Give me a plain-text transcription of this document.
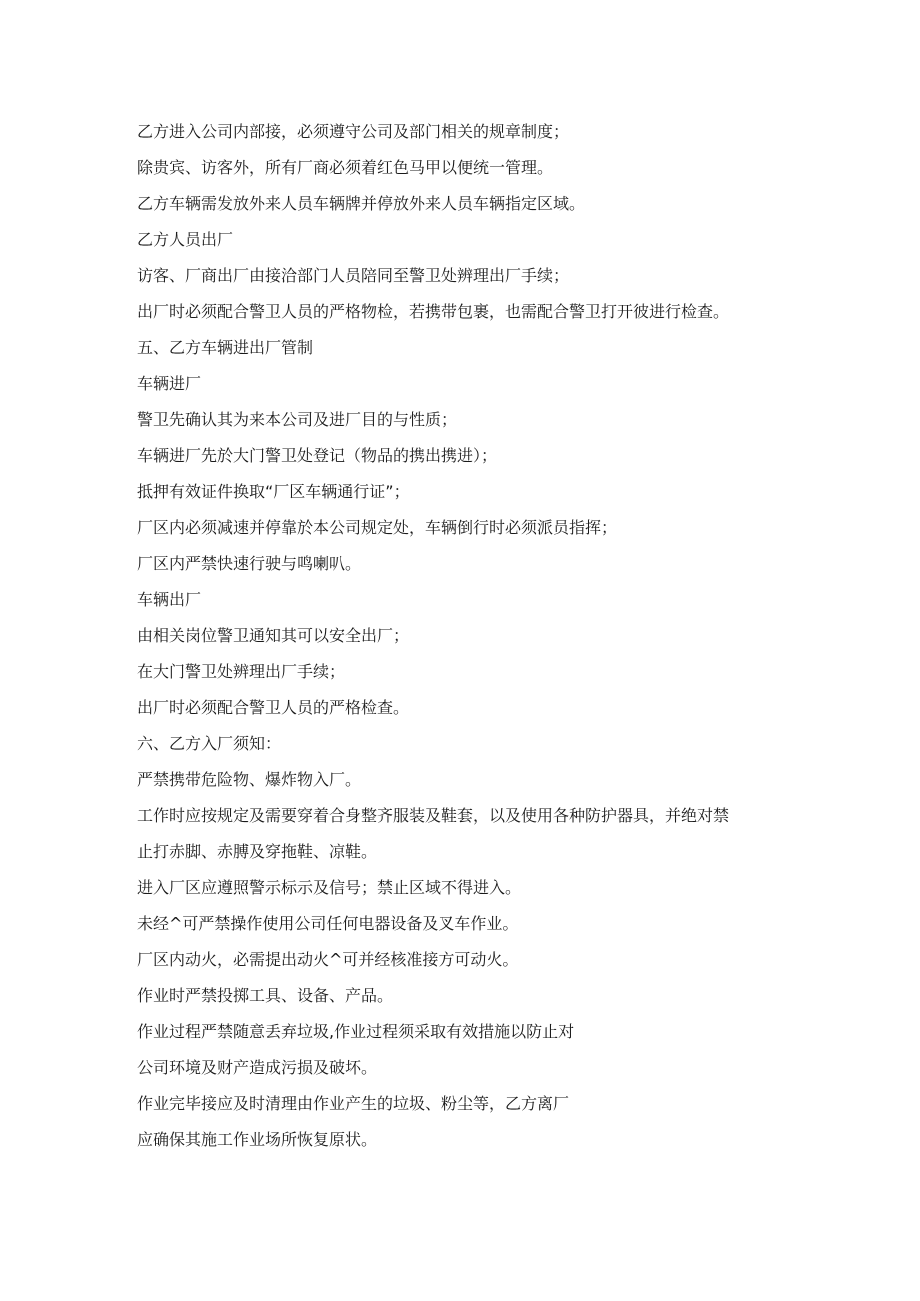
乙方进入公司内部接，必须遵守公司及部门相关的规章制度；

除贵宾、访客外，所有厂商必须着红色马甲以便统一管理。

乙方车辆需发放外来人员车辆牌并停放外来人员车辆指定区域。

乙方人员出厂

访客、厂商出厂由接洽部门人员陪同至警卫处辨理出厂手续；

出厂时必须配合警卫人员的严格物检，若携带包裹，也需配合警卫打开彼进行检查。

五、乙方车辆进出厂管制

车辆进厂

警卫先确认其为来本公司及进厂目的与性质；

车辆进厂先於大门警卫处登记（物品的携出携进）；

抵押有效证件换取“厂区车辆通行证”；

厂区内必须减速并停靠於本公司规定处，车辆倒行时必须派员指挥；

厂区内严禁快速行驶与鸣喇叭。

车辆出厂

由相关岗位警卫通知其可以安全出厂；

在大门警卫处辨理出厂手续；

出厂时必须配合警卫人员的严格检查。

六、乙方入厂须知：

严禁携带危险物、爆炸物入厂。

工作时应按规定及需要穿着合身整齐服装及鞋套，以及使用各种防护器具，并绝对禁

止打赤脚、赤膊及穿拖鞋、凉鞋。

进入厂区应遵照警示标示及信号；禁止区域不得进入。

未经^可严禁操作使用公司任何电器设备及叉车作业。

厂区内动火，必需提出动火^可并经核准接方可动火。

作业时严禁投掷工具、设备、产品。

作业过程严禁随意丢弃垃圾,作业过程须采取有效措施以防止对

公司环境及财产造成污损及破坏。

作业完毕接应及时清理由作业产生的垃圾、粉尘等，乙方离厂

应确保其施工作业场所恢复原状。
